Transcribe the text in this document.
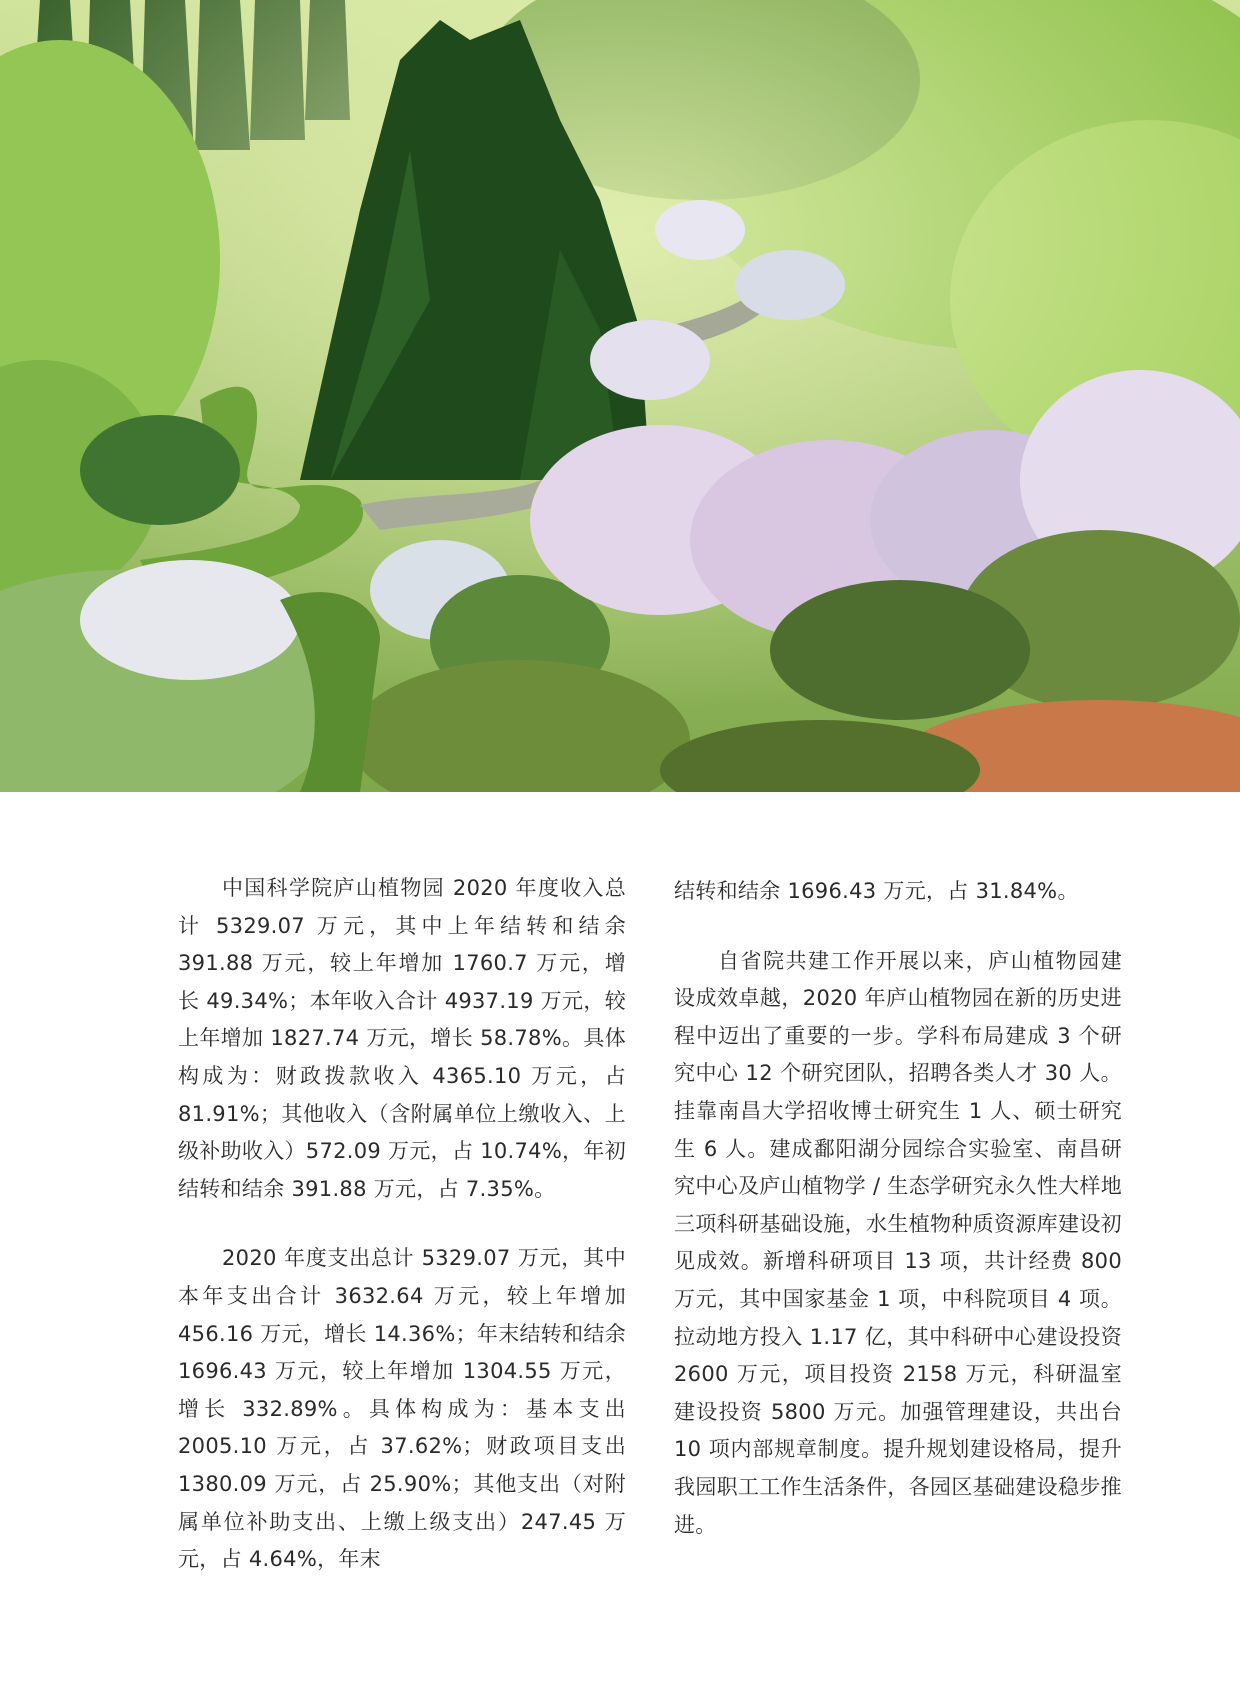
中国科学院庐山植物园 2020 年度收入总计 5329.07 万元，其中上年结转和结余 391.88 万元，较上年增加 1760.7 万元，增长 49.34%；本年收入合计 4937.19 万元，较上年增加 1827.74 万元，增长 58.78%。具体构成为：财政拨款收入 4365.10 万元，占 81.91%；其他收入（含附属单位上缴收入、上级补助收入）572.09 万元，占 10.74%，年初结转和结余 391.88 万元，占 7.35%。

2020 年度支出总计 5329.07 万元，其中本年支出合计 3632.64 万元，较上年增加 456.16 万元，增长 14.36%；年末结转和结余 1696.43 万元，较上年增加 1304.55 万元，增长 332.89%。具体构成为：基本支出 2005.10 万元，占 37.62%；财政项目支出 1380.09 万元，占 25.90%；其他支出（对附属单位补助支出、上缴上级支出）247.45 万元，占 4.64%，年末

结转和结余 1696.43 万元，占 31.84%。

自省院共建工作开展以来，庐山植物园建设成效卓越，2020 年庐山植物园在新的历史进程中迈出了重要的一步。学科布局建成 3 个研究中心 12 个研究团队，招聘各类人才 30 人。挂靠南昌大学招收博士研究生 1 人、硕士研究生 6 人。建成鄱阳湖分园综合实验室、南昌研究中心及庐山植物学 / 生态学研究永久性大样地三项科研基础设施，水生植物种质资源库建设初见成效。新增科研项目 13 项，共计经费 800 万元，其中国家基金 1 项，中科院项目 4 项。拉动地方投入 1.17 亿，其中科研中心建设投资 2600 万元，项目投资 2158 万元，科研温室建设投资 5800 万元。加强管理建设，共出台 10 项内部规章制度。提升规划建设格局，提升我园职工工作生活条件，各园区基础建设稳步推进。
